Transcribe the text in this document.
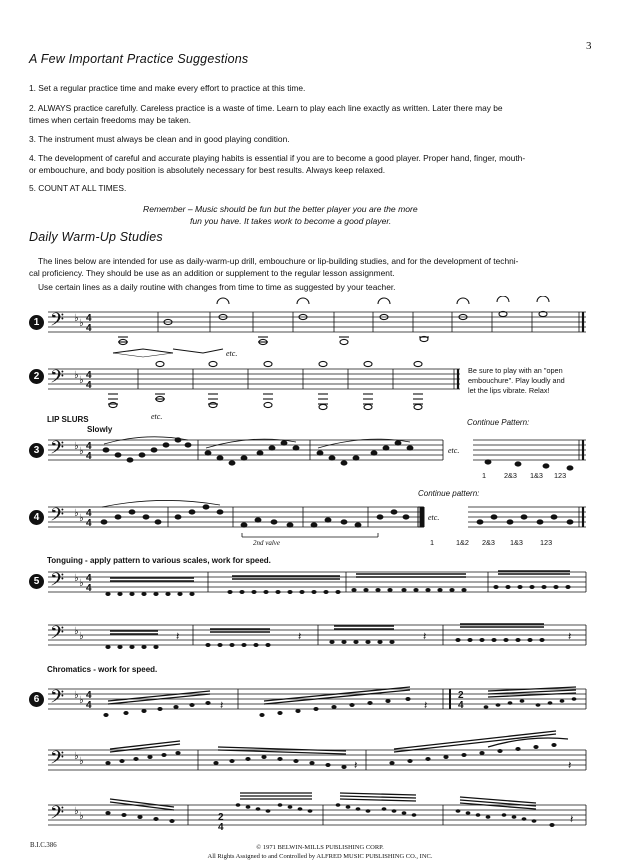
3
A Few Important Practice Suggestions
1. Set a regular practice time and make every effort to practice at this time.
2. ALWAYS practice carefully. Careless practice is a waste of time. Learn to play each line exactly as written. Later there may be
times when certain freedoms may be taken.
3. The instrument must always be clean and in good playing condition.
4. The development of careful and accurate playing habits is essential if you are to become a good player. Proper hand, finger, mouth-
or embouchure, and body position is absolutely necessary for best results. Always keep relaxed.
5. COUNT AT ALL TIMES.
Remember – Music should be fun but the better player you are the more
fun you have. It takes work to become a good player.
Daily Warm-Up Studies
The lines below are intended for use as daily-warm-up drill, embouchure or lip-building studies, and for the development of techni-
cal proficiency. They should be use as an addition or supplement to the regular lesson assignment.
Use certain lines as a daily routine with changes from time to time as suggested by your teacher.
1 𝄢 ♭ ♭ 4
4
etc.
2 𝄢 ♭ ♭ 4
4
etc.
Be sure to play with an "open
embouchure". Play loudly and
let the lips vibrate. Relax!
LIP SLURS
Slowly
Continue Pattern:
3 𝄢 ♭ ♭ 4
4
etc.
1 2&3 1&3 123
Continue pattern:
4 𝄢 ♭ ♭ 4
4
2nd valve
etc.
1	1&2 2&3 1&3 123
Tonguing - apply pattern to various scales, work for speed.
5 𝄢 ♭ ♭ 4
4
𝄢 ♭ ♭	𝄽	𝄽	𝄽	𝄽
Chromatics - work for speed.
6 𝄢 ♭ ♭ 4
4
2
4
𝄢 ♭ ♭
𝄢 ♭ ♭	2
4
𝄽	𝄽
𝄽	𝄽
𝄽
B.I.C.386	© 1971 BELWIN-MILLS PUBLISHING CORP.
All Rights Assigned to and Controlled by ALFRED MUSIC PUBLISHING CO., INC.
